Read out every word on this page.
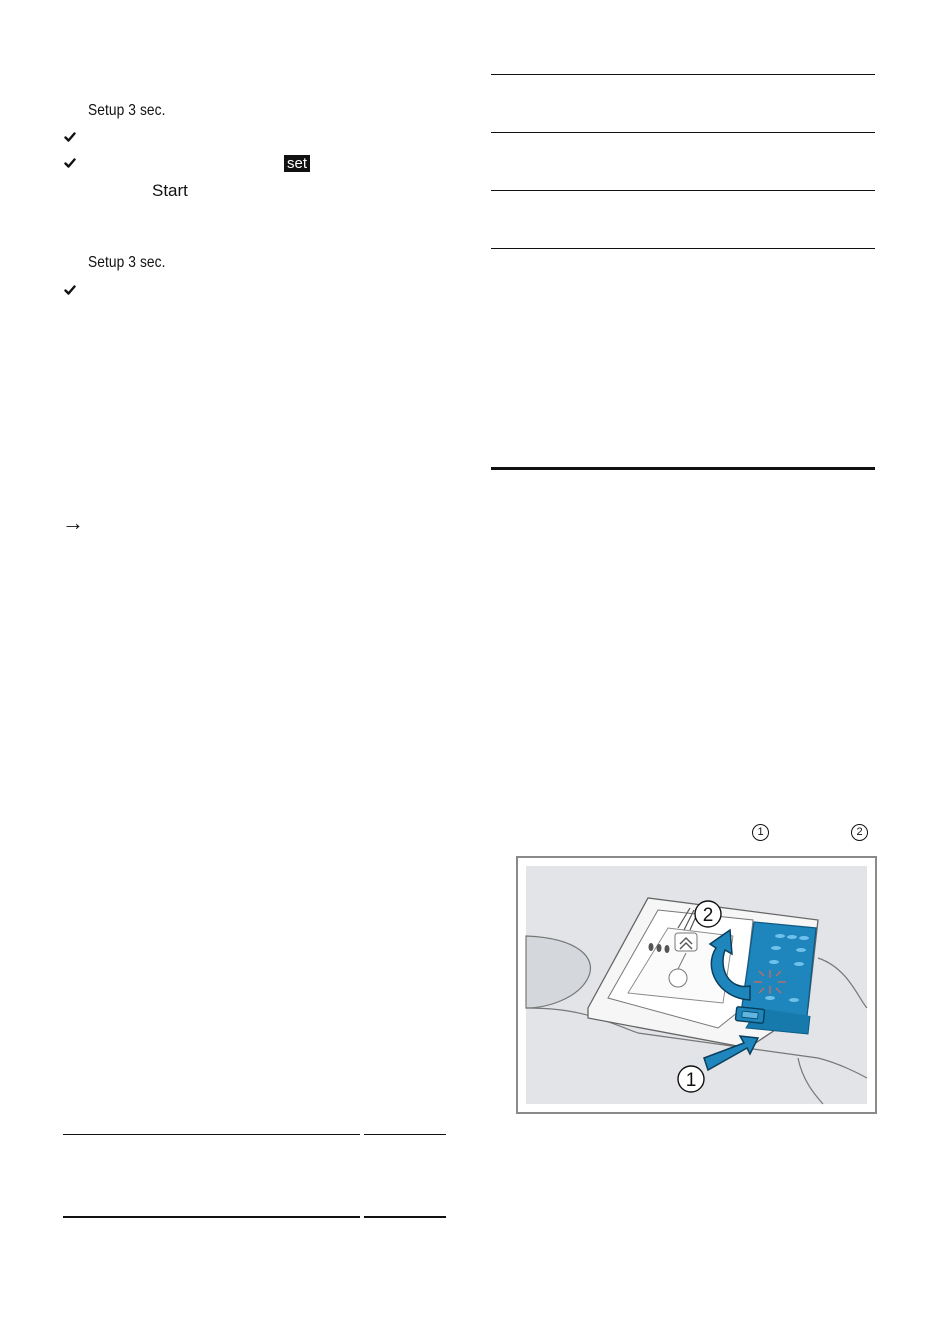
Setup 3 sec.
set
Start
Setup 3 sec.
→
1	2
2
1
